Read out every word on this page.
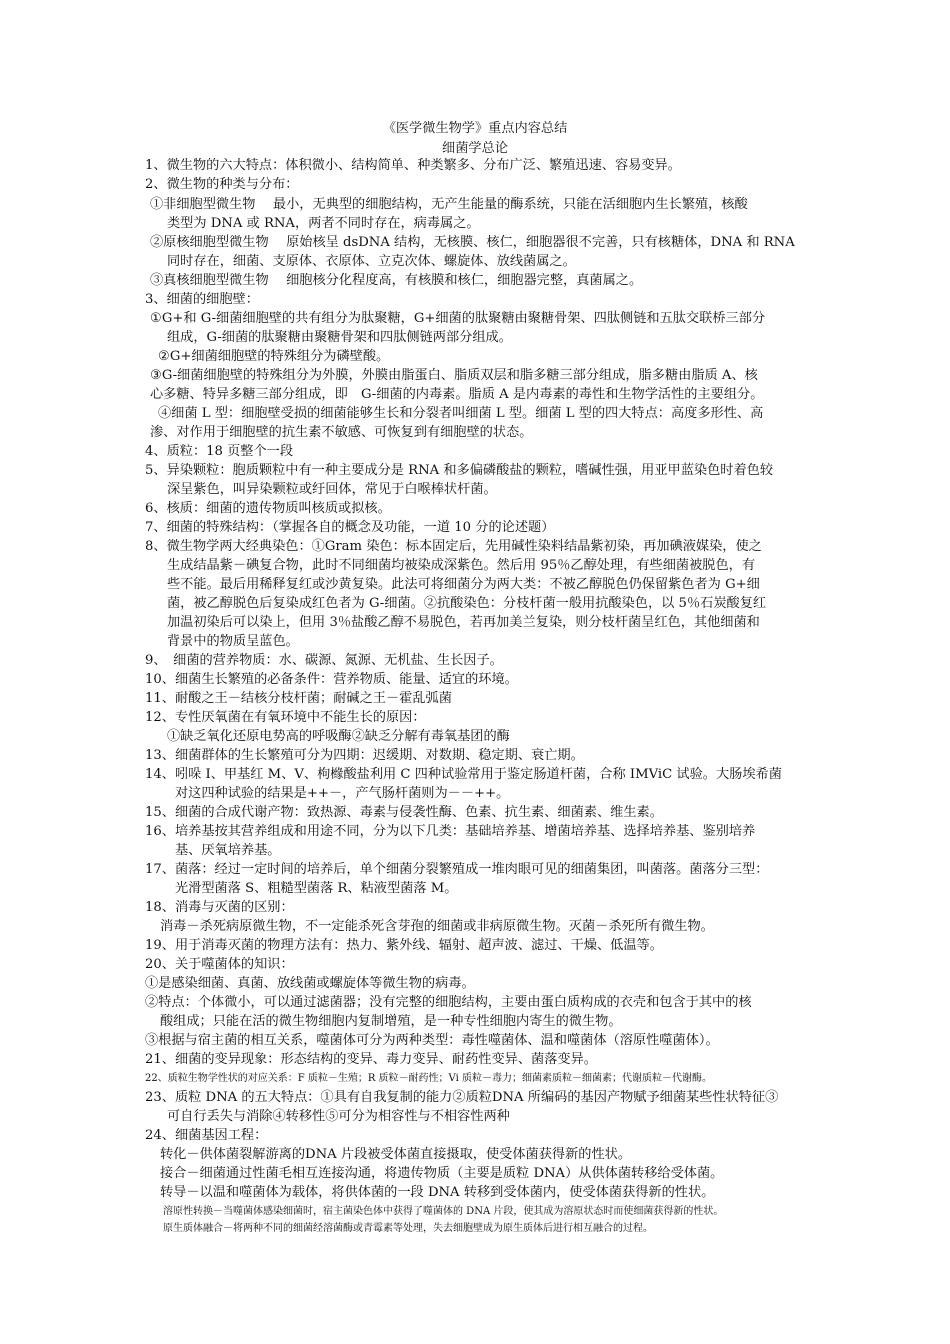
《医学微生物学》重点内容总结
细菌学总论
1、微生物的六大特点：体积微小、结构简单、种类繁多、分布广泛、繁殖迅速、容易变异。
2、微生物的种类与分布：
①非细胞型微生物　 最小，无典型的细胞结构，无产生能量的酶系统，只能在活细胞内生长繁殖，核酸
类型为 DNA 或 RNA，两者不同时存在，病毒属之。
②原核细胞型微生物　 原始核呈 dsDNA 结构，无核膜、核仁，细胞器很不完善，只有核糖体，DNA 和 RNA
同时存在，细菌、支原体、衣原体、立克次体、螺旋体、放线菌属之。
③真核细胞型微生物　 细胞核分化程度高，有核膜和核仁，细胞器完整，真菌属之。
3、细菌的细胞壁：
①G+和 G-细菌细胞壁的共有组分为肽聚糖，G+细菌的肽聚糖由聚糖骨架、四肽侧链和五肽交联桥三部分
组成，G-细菌的肽聚糖由聚糖骨架和四肽侧链两部分组成。
②G+细菌细胞壁的特殊组分为磷壁酸。
③G-细菌细胞壁的特殊组分为外膜，外膜由脂蛋白、脂质双层和脂多糖三部分组成，脂多糖由脂质 A、核
心多糖、特异多糖三部分组成，即　G-细菌的内毒素。脂质 A 是内毒素的毒性和生物学活性的主要组分。
④细菌 L 型：细胞壁受损的细菌能够生长和分裂者叫细菌 L 型。细菌 L 型的四大特点：高度多形性、高
渗、对作用于细胞壁的抗生素不敏感、可恢复到有细胞壁的状态。
4、质粒：18 页整个一段
5、异染颗粒：胞质颗粒中有一种主要成分是 RNA 和多偏磷酸盐的颗粒，嗜碱性强，用亚甲蓝染色时着色较
深呈紫色，叫异染颗粒或纡回体，常见于白喉棒状杆菌。
6、核质：细菌的遗传物质叫核质或拟核。
7、细菌的特殊结构：（掌握各自的概念及功能，一道 10 分的论述题）
8、微生物学两大经典染色：①Gram 染色：标本固定后，先用碱性染料结晶紫初染，再加碘液媒染，使之
生成结晶紫－碘复合物，此时不同细菌均被染成深紫色。然后用 95％乙醇处理，有些细菌被脱色，有
些不能。最后用稀释复红或沙黄复染。此法可将细菌分为两大类：不被乙醇脱色仍保留紫色者为 G+细
菌，被乙醇脱色后复染成红色者为 G-细菌。②抗酸染色：分枝杆菌一般用抗酸染色，以 5％石炭酸复红
加温初染后可以染上，但用 3％盐酸乙醇不易脱色，若再加美兰复染，则分枝杆菌呈红色，其他细菌和
背景中的物质呈蓝色。
9、　细菌的营养物质：水、碳源、氮源、无机盐、生长因子。
10、细菌生长繁殖的必备条件：营养物质、能量、适宜的环境。
11、耐酸之王－结核分枝杆菌；耐碱之王－霍乱弧菌
12、专性厌氧菌在有氧环境中不能生长的原因：
①缺乏氧化还原电势高的呼吸酶②缺乏分解有毒氧基团的酶
13、细菌群体的生长繁殖可分为四期：迟缓期、对数期、稳定期、衰亡期。
14、吲哚 I、甲基红 M、V、枸橼酸盐利用 C 四种试验常用于鉴定肠道杆菌，合称 IMViC 试验。大肠埃希菌
对这四种试验的结果是++－，产气肠杆菌则为－－++。
15、细菌的合成代谢产物：致热源、毒素与侵袭性酶、色素、抗生素、细菌素、维生素。
16、培养基按其营养组成和用途不同，分为以下几类：基础培养基、增菌培养基、选择培养基、鉴别培养
基、厌氧培养基。
17、菌落：经过一定时间的培养后，单个细菌分裂繁殖成一堆肉眼可见的细菌集团，叫菌落。菌落分三型：
光滑型菌落 S、粗糙型菌落 R、粘液型菌落 M。
18、消毒与灭菌的区别：
消毒－杀死病原微生物，不一定能杀死含芽孢的细菌或非病原微生物。灭菌－杀死所有微生物。
19、用于消毒灭菌的物理方法有：热力、紫外线、辐射、超声波、滤过、干燥、低温等。
20、关于噬菌体的知识：
①是感染细菌、真菌、放线菌或螺旋体等微生物的病毒。
②特点：个体微小，可以通过滤菌器；没有完整的细胞结构，主要由蛋白质构成的衣壳和包含于其中的核
酸组成；只能在活的微生物细胞内复制增殖，是一种专性细胞内寄生的微生物。
③根据与宿主菌的相互关系，噬菌体可分为两种类型：毒性噬菌体、温和噬菌体（溶原性噬菌体）。
21、细菌的变异现象：形态结构的变异、毒力变异、耐药性变异、菌落变异。
22、质粒生物学性状的对应关系：F 质粒－生殖；R 质粒－耐药性；Vi 质粒－毒力；细菌素质粒－细菌素；代谢质粒－代谢酶。
23、质粒 DNA 的五大特点：①具有自我复制的能力②质粒DNA 所编码的基因产物赋予细菌某些性状特征③
可自行丢失与消除④转移性⑤可分为相容性与不相容性两种
24、细菌基因工程：
转化－供体菌裂解游离的DNA 片段被受体菌直接摄取，使受体菌获得新的性状。
接合－细菌通过性菌毛相互连接沟通，将遗传物质（主要是质粒 DNA）从供体菌转移给受体菌。
转导－以温和噬菌体为载体，将供体菌的一段 DNA 转移到受体菌内，使受体菌获得新的性状。
溶原性转换－当噬菌体感染细菌时，宿主菌染色体中获得了噬菌体的 DNA 片段，使其成为溶原状态时而使细菌获得新的性状。
原生质体融合－将两种不同的细菌经溶菌酶或青霉素等处理，失去细胞壁成为原生质体后进行相互融合的过程。
